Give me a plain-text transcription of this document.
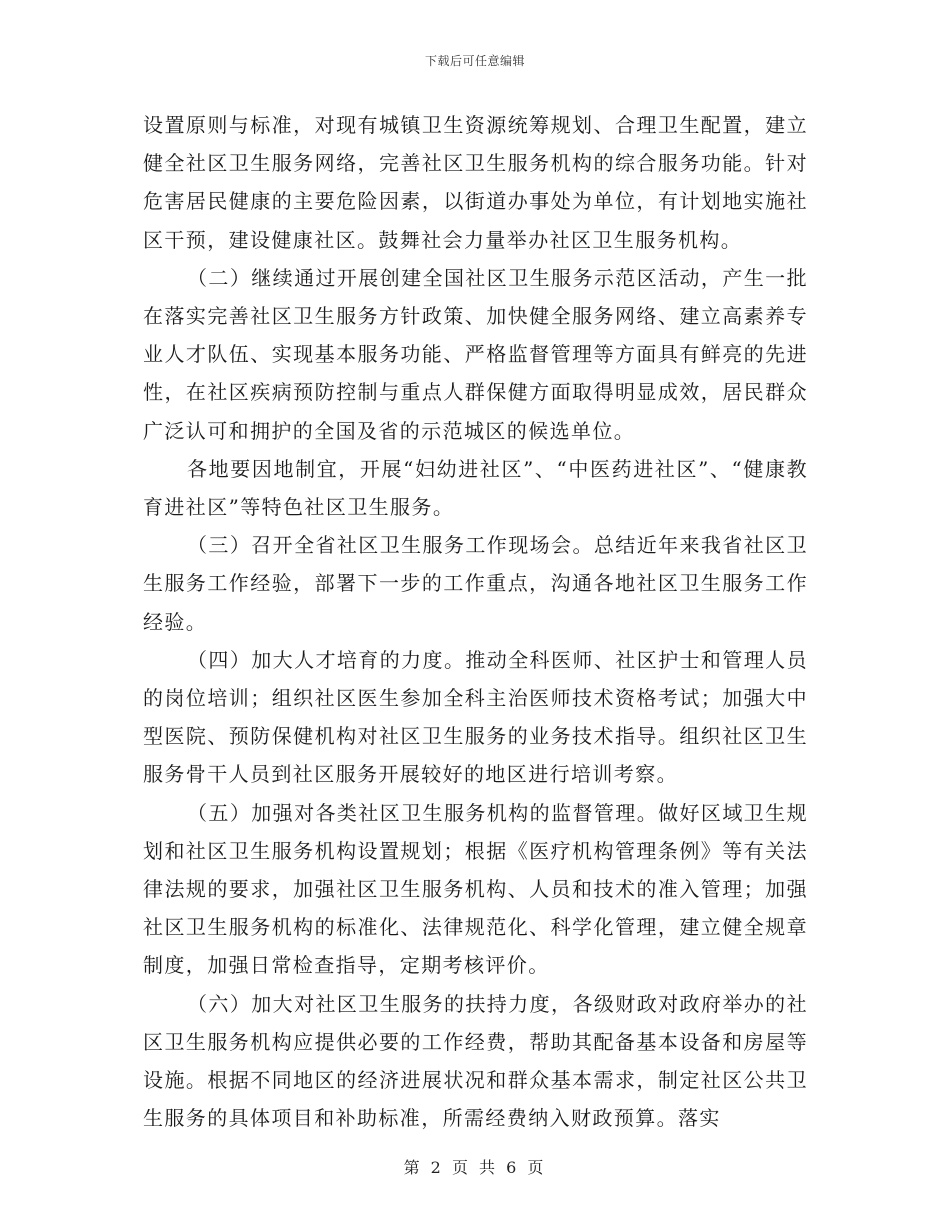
下载后可任意编辑

设置原则与标准，对现有城镇卫生资源统筹规划、合理卫生配置，建立健全社区卫生服务网络，完善社区卫生服务机构的综合服务功能。针对危害居民健康的主要危险因素，以街道办事处为单位，有计划地实施社区干预，建设健康社区。鼓舞社会力量举办社区卫生服务机构。

（二）继续通过开展创建全国社区卫生服务示范区活动，产生一批在落实完善社区卫生服务方针政策、加快健全服务网络、建立高素养专业人才队伍、实现基本服务功能、严格监督管理等方面具有鲜亮的先进性，在社区疾病预防控制与重点人群保健方面取得明显成效，居民群众广泛认可和拥护的全国及省的示范城区的候选单位。

各地要因地制宜，开展“妇幼进社区”、“中医药进社区”、“健康教育进社区”等特色社区卫生服务。

（三）召开全省社区卫生服务工作现场会。总结近年来我省社区卫生服务工作经验，部署下一步的工作重点，沟通各地社区卫生服务工作经验。

（四）加大人才培育的力度。推动全科医师、社区护士和管理人员的岗位培训；组织社区医生参加全科主治医师技术资格考试；加强大中型医院、预防保健机构对社区卫生服务的业务技术指导。组织社区卫生服务骨干人员到社区服务开展较好的地区进行培训考察。

（五）加强对各类社区卫生服务机构的监督管理。做好区域卫生规划和社区卫生服务机构设置规划；根据《医疗机构管理条例》等有关法律法规的要求，加强社区卫生服务机构、人员和技术的准入管理；加强社区卫生服务机构的标准化、法律规范化、科学化管理，建立健全规章制度，加强日常检查指导，定期考核评价。

（六）加大对社区卫生服务的扶持力度，各级财政对政府举办的社区卫生服务机构应提供必要的工作经费，帮助其配备基本设备和房屋等设施。根据不同地区的经济进展状况和群众基本需求，制定社区公共卫生服务的具体项目和补助标准，所需经费纳入财政预算。落实

第 2 页 共 6 页
